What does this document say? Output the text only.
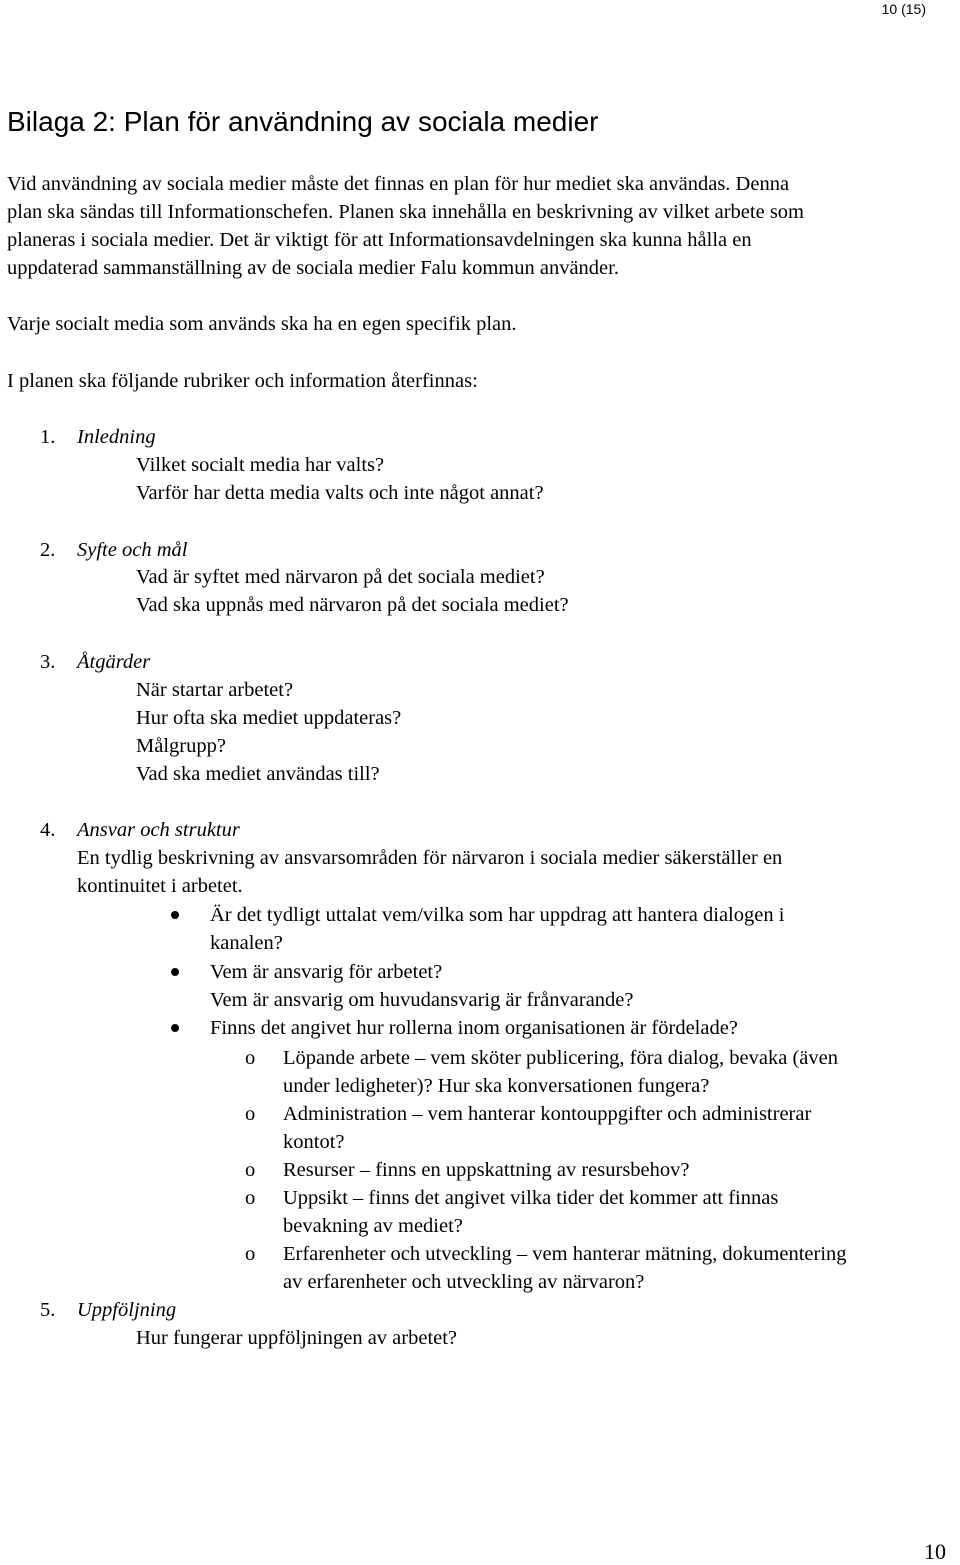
10 (15)
Bilaga 2: Plan för användning av sociala medier
Vid användning av sociala medier måste det finnas en plan för hur mediet ska användas. Denna
plan ska sändas till Informationschefen. Planen ska innehålla en beskrivning av vilket arbete som
planeras i sociala medier. Det är viktigt för att Informationsavdelningen ska kunna hålla en
uppdaterad sammanställning av de sociala medier Falu kommun använder.
Varje socialt media som används ska ha en egen specifik plan.
I planen ska följande rubriker och information återfinnas:
1. Inledning
Vilket socialt media har valts?
Varför har detta media valts och inte något annat?
2. Syfte och mål
Vad är syftet med närvaron på det sociala mediet?
Vad ska uppnås med närvaron på det sociala mediet?
3. Åtgärder
När startar arbetet?
Hur ofta ska mediet uppdateras?
Målgrupp?
Vad ska mediet användas till?
4. Ansvar och struktur
En tydlig beskrivning av ansvarsområden för närvaron i sociala medier säkerställer en
kontinuitet i arbetet.
Är det tydligt uttalat vem/vilka som har uppdrag att hantera dialogen i
kanalen?
Vem är ansvarig för arbetet?
Vem är ansvarig om huvudansvarig är frånvarande?
Finns det angivet hur rollerna inom organisationen är fördelade?
o Löpande arbete – vem sköter publicering, föra dialog, bevaka (även
under ledigheter)? Hur ska konversationen fungera?
o Administration – vem hanterar kontouppgifter och administrerar
kontot?
o Resurser – finns en uppskattning av resursbehov?
o Uppsikt – finns det angivet vilka tider det kommer att finnas
bevakning av mediet?
o Erfarenheter och utveckling – vem hanterar mätning, dokumentering
av erfarenheter och utveckling av närvaron?
5. Uppföljning
Hur fungerar uppföljningen av arbetet?
10
